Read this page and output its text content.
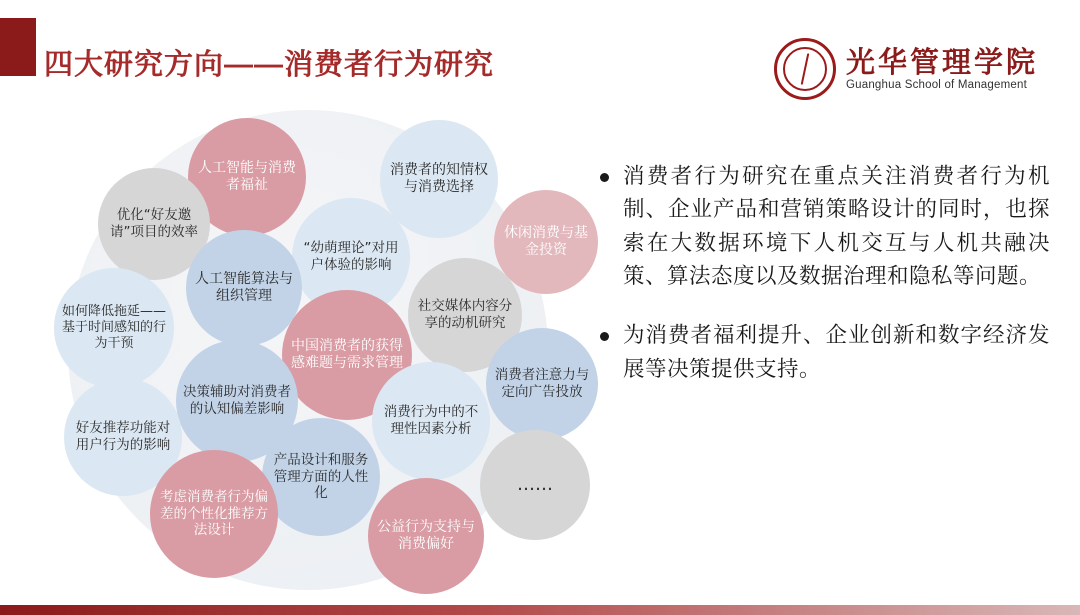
四大研究方向——消费者行为研究	光华管理学院
Guanghua School of Management
人工智能与消费者福祉
消费者的知情权与消费选择
优化“好友邀请”项目的效率
“幼萌理论”对用户体验的影响
休闲消费与基金投资
人工智能算法与组织管理
如何降低拖延——基于时间感知的行为干预
社交媒体内容分享的动机研究
中国消费者的获得感难题与需求管理
决策辅助对消费者的认知偏差影响
消费者注意力与定向广告投放
消费行为中的不理性因素分析
好友推荐功能对用户行为的影响
产品设计和服务管理方面的人性化	……
考虑消费者行为偏差的个性化推荐方法设计	公益行为支持与消费偏好
消费者行为研究在重点关注消费者行为机制、企业产品和营销策略设计的同时，也探索在大数据环境下人机交互与人机共融决策、算法态度以及数据治理和隐私等问题。
为消费者福利提升、企业创新和数字经济发展等决策提供支持。
